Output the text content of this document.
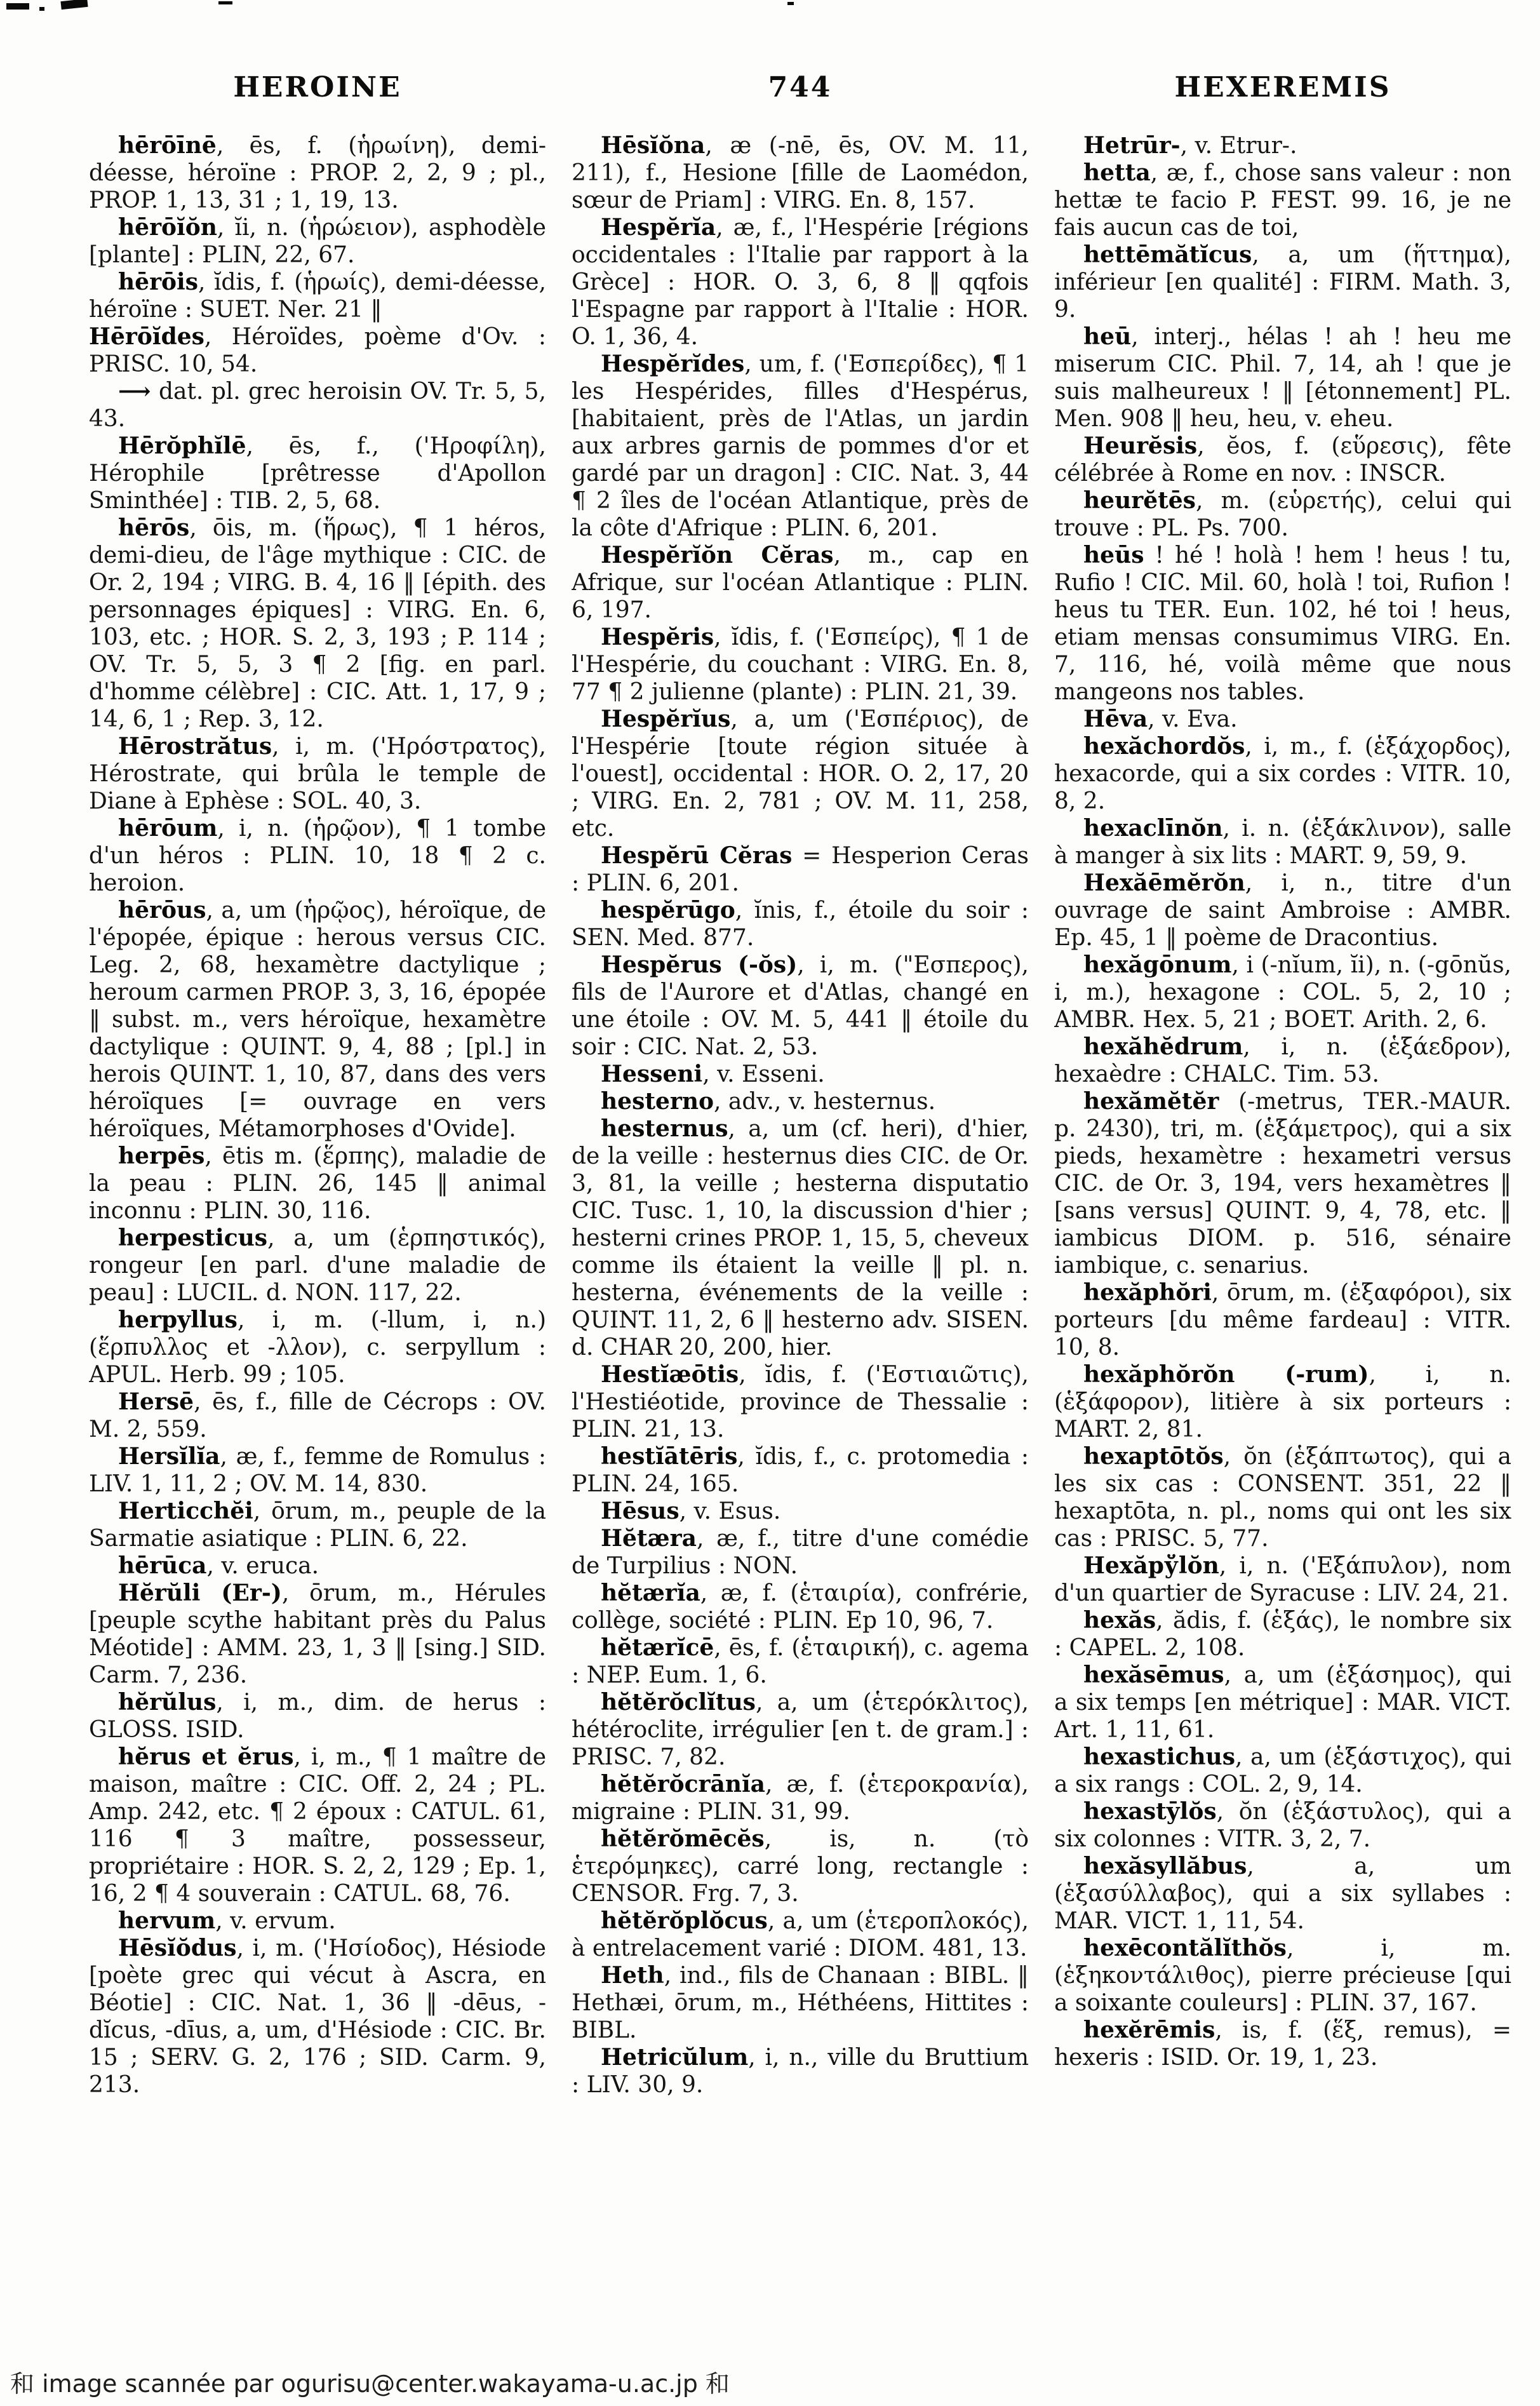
HEROINE	744	HEXEREMIS

hērōīnē, ēs, f. (ἡρωίνη), demi-déesse, héroïne : PROP. 2, 2, 9 ; pl., PROP. 1, 13, 31 ; 1, 19, 13.

hērōĭŏn, ĭi, n. (ἡρώειον), asphodèle [plante] : PLIN, 22, 67.

hērōis, ĭdis, f. (ἡρωίς), demi-déesse, héroïne : SUET. Ner. 21 ‖

Hērōĭdes, Héroïdes, poème d'Ov. : PRISC. 10, 54.

⟶ dat. pl. grec heroisin OV. Tr. 5, 5, 43.

Hērŏphĭlē, ēs, f., ('Ηροφίλη), Hérophile [prêtresse d'Apollon Sminthée] : TIB. 2, 5, 68.

hērōs, ōis, m. (ἥρως), ¶ 1 héros, demi-dieu, de l'âge mythique : CIC. de Or. 2, 194 ; VIRG. B. 4, 16 ‖ [épith. des personnages épiques] : VIRG. En. 6, 103, etc. ; HOR. S. 2, 3, 193 ; P. 114 ; OV. Tr. 5, 5, 3 ¶ 2 [fig. en parl. d'homme célèbre] : CIC. Att. 1, 17, 9 ; 14, 6, 1 ; Rep. 3, 12.

Hērostrătus, i, m. ('Ηρόστρατος), Hérostrate, qui brûla le temple de Diane à Ephèse : SOL. 40, 3.

hērōum, i, n. (ἡρῷον), ¶ 1 tombe d'un héros : PLIN. 10, 18 ¶ 2 c. heroion.

hērōus, a, um (ἡρῷος), héroïque, de l'épopée, épique : herous versus CIC. Leg. 2, 68, hexamètre dactylique ; heroum carmen PROP. 3, 3, 16, épopée ‖ subst. m., vers héroïque, hexamètre dactylique : QUINT. 9, 4, 88 ; [pl.] in herois QUINT. 1, 10, 87, dans des vers héroïques [= ouvrage en vers héroïques, Métamorphoses d'Ovide].

herpēs, ētis m. (ἕρπης), maladie de la peau : PLIN. 26, 145 ‖ animal inconnu : PLIN. 30, 116.

herpesticus, a, um (ἑρπηστικός), rongeur [en parl. d'une maladie de peau] : LUCIL. d. NON. 117, 22.

herpyllus, i, m. (-llum, i, n.) (ἕρπυλλος et -λλον), c. serpyllum : APUL. Herb. 99 ; 105.

Hersē, ēs, f., fille de Cécrops : OV. M. 2, 559.

Hersĭlĭa, æ, f., femme de Romulus : LIV. 1, 11, 2 ; OV. M. 14, 830.

Herticchĕi, ōrum, m., peuple de la Sarmatie asiatique : PLIN. 6, 22.

hērūca, v. eruca.

Hĕrŭli (Er-), ōrum, m., Hérules [peuple scythe habitant près du Palus Méotide] : AMM. 23, 1, 3 ‖ [sing.] SID. Carm. 7, 236.

hĕrŭlus, i, m., dim. de herus : GLOSS. ISID.

hĕrus et ĕrus, i, m., ¶ 1 maître de maison, maître : CIC. Off. 2, 24 ; PL. Amp. 242, etc. ¶ 2 époux : CATUL. 61, 116 ¶ 3 maître, possesseur, propriétaire : HOR. S. 2, 2, 129 ; Ep. 1, 16, 2 ¶ 4 souverain : CATUL. 68, 76.

hervum, v. ervum.

Hēsĭŏdus, i, m. ('Ησίοδος), Hésiode [poète grec qui vécut à Ascra, en Béotie] : CIC. Nat. 1, 36 ‖ -dēus, -dĭcus, -dīus, a, um, d'Hésiode : CIC. Br. 15 ; SERV. G. 2, 176 ; SID. Carm. 9, 213.

Hēsĭŏna, æ (-nē, ēs, OV. M. 11, 211), f., Hesione [fille de Laomédon, sœur de Priam] : VIRG. En. 8, 157.

Hespĕrĭa, æ, f., l'Hespérie [régions occidentales : l'Italie par rapport à la Grèce] : HOR. O. 3, 6, 8 ‖ qqfois l'Espagne par rapport à l'Italie : HOR. O. 1, 36, 4.

Hespĕrĭdes, um, f. ('Εσπερίδες), ¶ 1 les Hespérides, filles d'Hespérus, [habitaient, près de l'Atlas, un jardin aux arbres garnis de pommes d'or et gardé par un dragon] : CIC. Nat. 3, 44 ¶ 2 îles de l'océan Atlantique, près de la côte d'Afrique : PLIN. 6, 201.

Hespĕrĭŏn Cĕras, m., cap en Afrique, sur l'océan Atlantique : PLIN. 6, 197.

Hespĕris, ĭdis, f. ('Εσπείρς), ¶ 1 de l'Hespérie, du couchant : VIRG. En. 8, 77 ¶ 2 julienne (plante) : PLIN. 21, 39.

Hespĕrĭus, a, um ('Εσπέριος), de l'Hespérie [toute région située à l'ouest], occidental : HOR. O. 2, 17, 20 ; VIRG. En. 2, 781 ; OV. M. 11, 258, etc.

Hespĕrū Cĕras = Hesperion Ceras : PLIN. 6, 201.

hespĕrūgo, ĭnis, f., étoile du soir : SEN. Med. 877.

Hespĕrus (-ŏs), i, m. ("Εσπερος), fils de l'Aurore et d'Atlas, changé en une étoile : OV. M. 5, 441 ‖ étoile du soir : CIC. Nat. 2, 53.

Hesseni, v. Esseni.

hesterno, adv., v. hesternus.

hesternus, a, um (cf. heri), d'hier, de la veille : hesternus dies CIC. de Or. 3, 81, la veille ; hesterna disputatio CIC. Tusc. 1, 10, la discussion d'hier ; hesterni crines PROP. 1, 15, 5, cheveux comme ils étaient la veille ‖ pl. n. hesterna, événements de la veille : QUINT. 11, 2, 6 ‖ hesterno adv. SISEN. d. CHAR 20, 200, hier.

Hestĭæōtis, ĭdis, f. ('Εστιαιῶτις), l'Hestiéotide, province de Thessalie : PLIN. 21, 13.

hestĭātēris, ĭdis, f., c. protomedia : PLIN. 24, 165.

Hēsus, v. Esus.

Hĕtæra, æ, f., titre d'une comédie de Turpilius : NON.

hĕtærĭa, æ, f. (ἑταιρία), confrérie, collège, société : PLIN. Ep 10, 96, 7.

hĕtærĭcē, ēs, f. (ἑταιρική), c. agema : NEP. Eum. 1, 6.

hĕtĕrŏclĭtus, a, um (ἑτερόκλιτος), hétéroclite, irrégulier [en t. de gram.] : PRISC. 7, 82.

hĕtĕrŏcrānĭa, æ, f. (ἑτεροκρανία), migraine : PLIN. 31, 99.

hĕtĕrŏmēcĕs, is, n. (τὸ ἑτερόμηκες), carré long, rectangle : CENSOR. Frg. 7, 3.

hĕtĕrŏplŏcus, a, um (ἑτεροπλοκός), à entrelacement varié : DIOM. 481, 13.

Heth, ind., fils de Chanaan : BIBL. ‖ Hethæi, ōrum, m., Héthéens, Hittites : BIBL.

Hetricŭlum, i, n., ville du Bruttium : LIV. 30, 9.

Hetrūr-, v. Etrur-.

hetta, æ, f., chose sans valeur : non hettæ te facio P. FEST. 99. 16, je ne fais aucun cas de toi,

hettēmătĭcus, a, um (ἥττημα), inférieur [en qualité] : FIRM. Math. 3, 9.

heū, interj., hélas ! ah ! heu me miserum CIC. Phil. 7, 14, ah ! que je suis malheureux ! ‖ [étonnement] PL. Men. 908 ‖ heu, heu, v. eheu.

Heurĕsis, ĕos, f. (εὕρεσις), fête célébrée à Rome en nov. : INSCR.

heurĕtēs, m. (εὑρετής), celui qui trouve : PL. Ps. 700.

heūs ! hé ! holà ! hem ! heus ! tu, Rufio ! CIC. Mil. 60, holà ! toi, Rufion ! heus tu TER. Eun. 102, hé toi ! heus, etiam mensas consumimus VIRG. En. 7, 116, hé, voilà même que nous mangeons nos tables.

Hēva, v. Eva.

hexăchordŏs, i, m., f. (ἑξάχορδος), hexacorde, qui a six cordes : VITR. 10, 8, 2.

hexaclīnŏn, i. n. (ἑξάκλινον), salle à manger à six lits : MART. 9, 59, 9.

Hexăēmĕrŏn, i, n., titre d'un ouvrage de saint Ambroise : AMBR. Ep. 45, 1 ‖ poème de Dracontius.

hexăgōnum, i (-nĭum, ĭi), n. (-gōnŭs, i, m.), hexagone : COL. 5, 2, 10 ; AMBR. Hex. 5, 21 ; BOET. Arith. 2, 6.

hexăhĕdrum, i, n. (ἑξάεδρον), hexaèdre : CHALC. Tim. 53.

hexămĕtĕr (-metrus, TER.-MAUR. p. 2430), tri, m. (ἑξάμετρος), qui a six pieds, hexamètre : hexametri versus CIC. de Or. 3, 194, vers hexamètres ‖ [sans versus] QUINT. 9, 4, 78, etc. ‖ iambicus DIOM. p. 516, sénaire iambique, c. senarius.

hexăphŏri, ōrum, m. (ἑξαφόροι), six porteurs [du même fardeau] : VITR. 10, 8.

hexăphŏrŏn (-rum), i, n. (ἑξάφορον), litière à six porteurs : MART. 2, 81.

hexaptōtŏs, ŏn (ἑξάπτωτος), qui a les six cas : CONSENT. 351, 22 ‖ hexaptōta, n. pl., noms qui ont les six cas : PRISC. 5, 77.

Hexăpўlŏn, i, n. ('Εξάπυλον), nom d'un quartier de Syracuse : LIV. 24, 21.

hexăs, ădis, f. (ἑξάς), le nombre six : CAPEL. 2, 108.

hexăsēmus, a, um (ἑξάσημος), qui a six temps [en métrique] : MAR. VICT. Art. 1, 11, 61.

hexastichus, a, um (ἑξάστιχος), qui a six rangs : COL. 2, 9, 14.

hexastȳlŏs, ŏn (ἑξάστυλος), qui a six colonnes : VITR. 3, 2, 7.

hexăsyllăbus, a, um (ἑξασύλλαβος), qui a six syllabes : MAR. VICT. 1, 11, 54.

hexēcontălĭthŏs, i, m. (ἑξηκοντάλιθος), pierre précieuse [qui a soixante couleurs] : PLIN. 37, 167.

hexĕrēmis, is, f. (ἕξ, remus), = hexeris : ISID. Or. 19, 1, 23.

和 image scannée par ogurisu@center.wakayama-u.ac.jp 和
